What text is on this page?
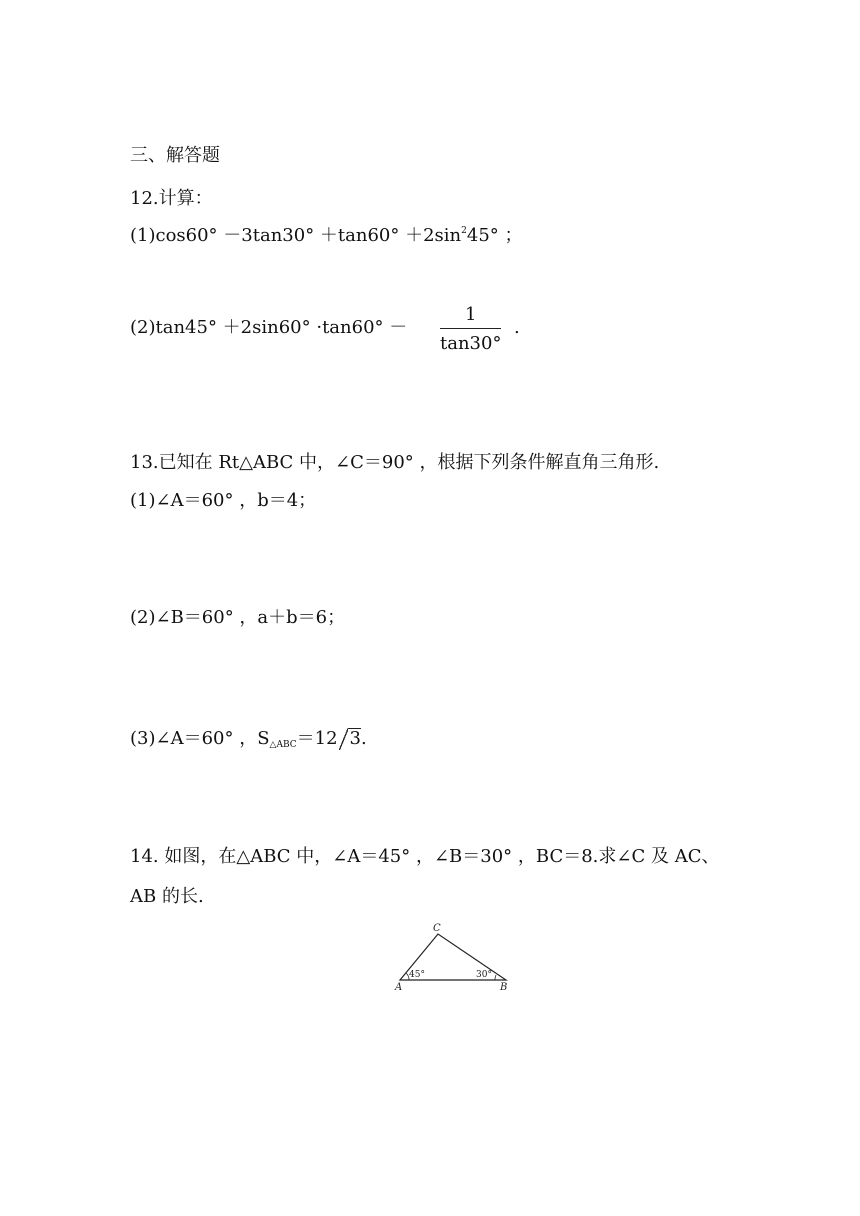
三、解答题
12.计算：
$(1)\cos 60^\circ -3\tan 30^\circ +\tan 60^\circ +2\sin^245^\circ$ ；
$(2)\tan 45^\circ +2\sin 60^\circ \cdot\tan 60^\circ - \frac{1}{\tan 30^\circ}$ .
13.已知在 Rt△ABC 中，∠C＝90° ，根据下列条件解直角三角形.
(1)∠A＝60° ，b＝4；
(2)∠B＝60° ，a＋b＝6；
(3)∠A＝60° ，S△ABC＝12 3.
14. 如图，在△ABC 中，∠A＝45° ，∠B＝30° ，BC＝8.求∠C 及 AC、
AB 的长.
C
A	B
45°	30°
